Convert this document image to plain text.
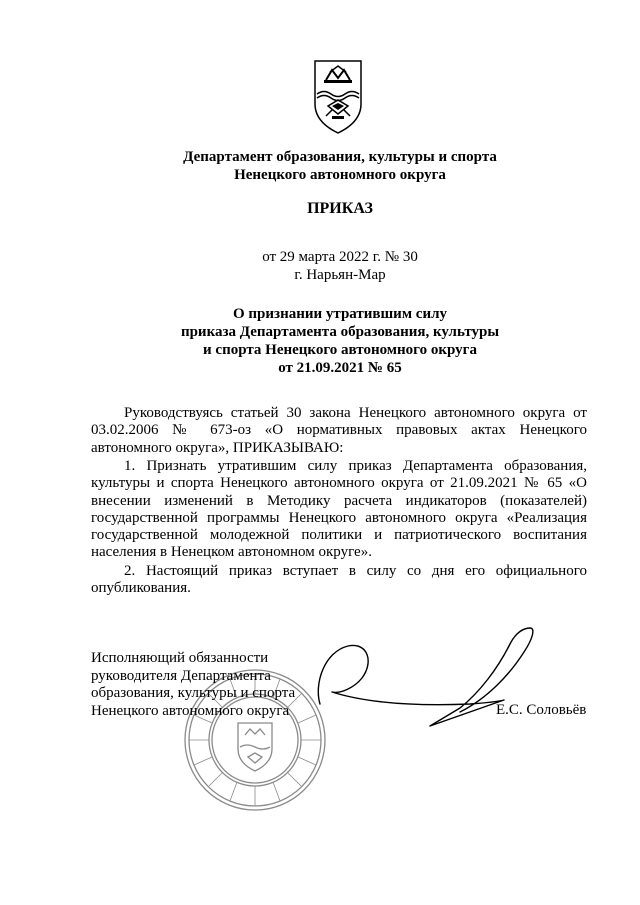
Департамент образования, культуры и спорта
Ненецкого автономного округа
ПРИКАЗ
от 29 марта 2022 г. № 30
г. Нарьян-Мар
О признании утратившим силу
приказа Департамента образования, культуры
и спорта Ненецкого автономного округа
от 21.09.2021 № 65
Руководствуясь статьей 30 закона Ненецкого автономного округа от 03.02.2006 № 673-оз «О нормативных правовых актах Ненецкого автономного округа», ПРИКАЗЫВАЮ:
1. Признать утратившим силу приказ Департамента образования, культуры и спорта Ненецкого автономного округа от 21.09.2021 № 65 «О внесении изменений в Методику расчета индикаторов (показателей) государственной программы Ненецкого автономного округа «Реализация государственной молодежной политики и патриотического воспитания населения в Ненецком автономном округе».
2. Настоящий приказ вступает в силу со дня его официального опубликования.
Исполняющий обязанности
руководителя Департамента
образования, культуры и спорта
Ненецкого автономного округа	Е.С. Соловьёв
